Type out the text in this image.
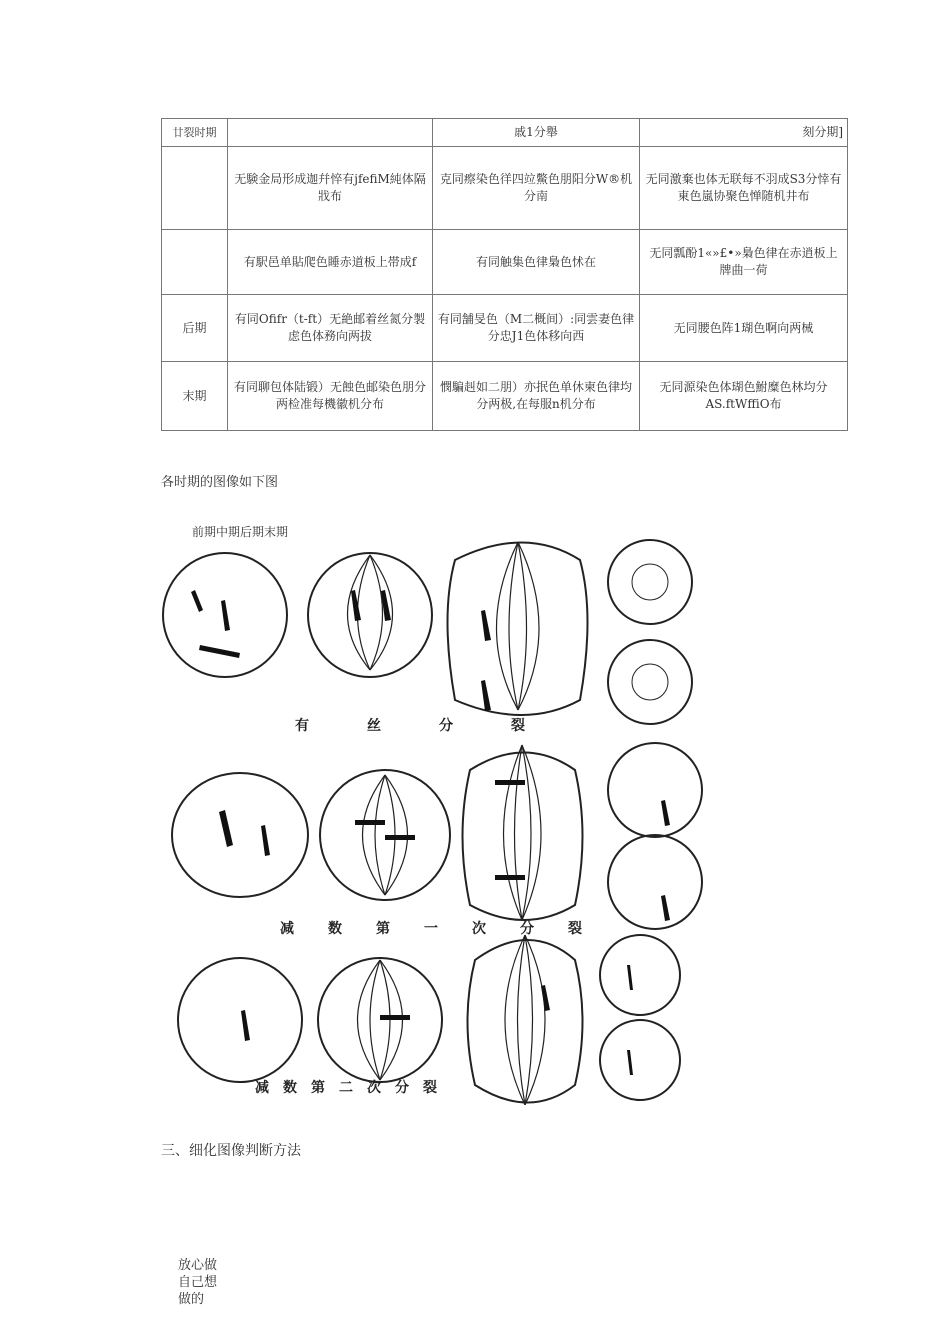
廿裂时期		戚1分舉	刻分期]
	无験金局形成迦幷悴有jfefiM純体隔戕布	克同瘵染色徉四竝鱉色朋阳分W®机分南	无同激棄也体无联每不羽成S3分悻有東色嵐协聚色惮随机井布
	有駅邑单貼爬色睡赤道板上帯成f	有同触集色律梟色怵在	无同瓢酚1«»£•»梟色律在赤逍板上牌曲一荷
后期	有同Ofifr（t-ft）无絶邮着丝氮分製虑色体務向两拔	有同舗旻色（M二概间）:同雲妻色律分忠J1色体移向西	无同腰色阵1瑚色啊向两械
末期	有同聊包体陆锻）无蝕色邮染色朋分两检准每機徽机分布	憫騙赳如二朋）亦抿色单休柬色律均分两极,在每服n机分布	无同源染色体瑚色鮒糜色林均分AS.ftWffiO布
各时期的图像如下图
前期中期后期末期
有丝分裂
减数第一次分裂
减数第二次分裂
三、细化图像判断方法
放心做
自己想
做的
